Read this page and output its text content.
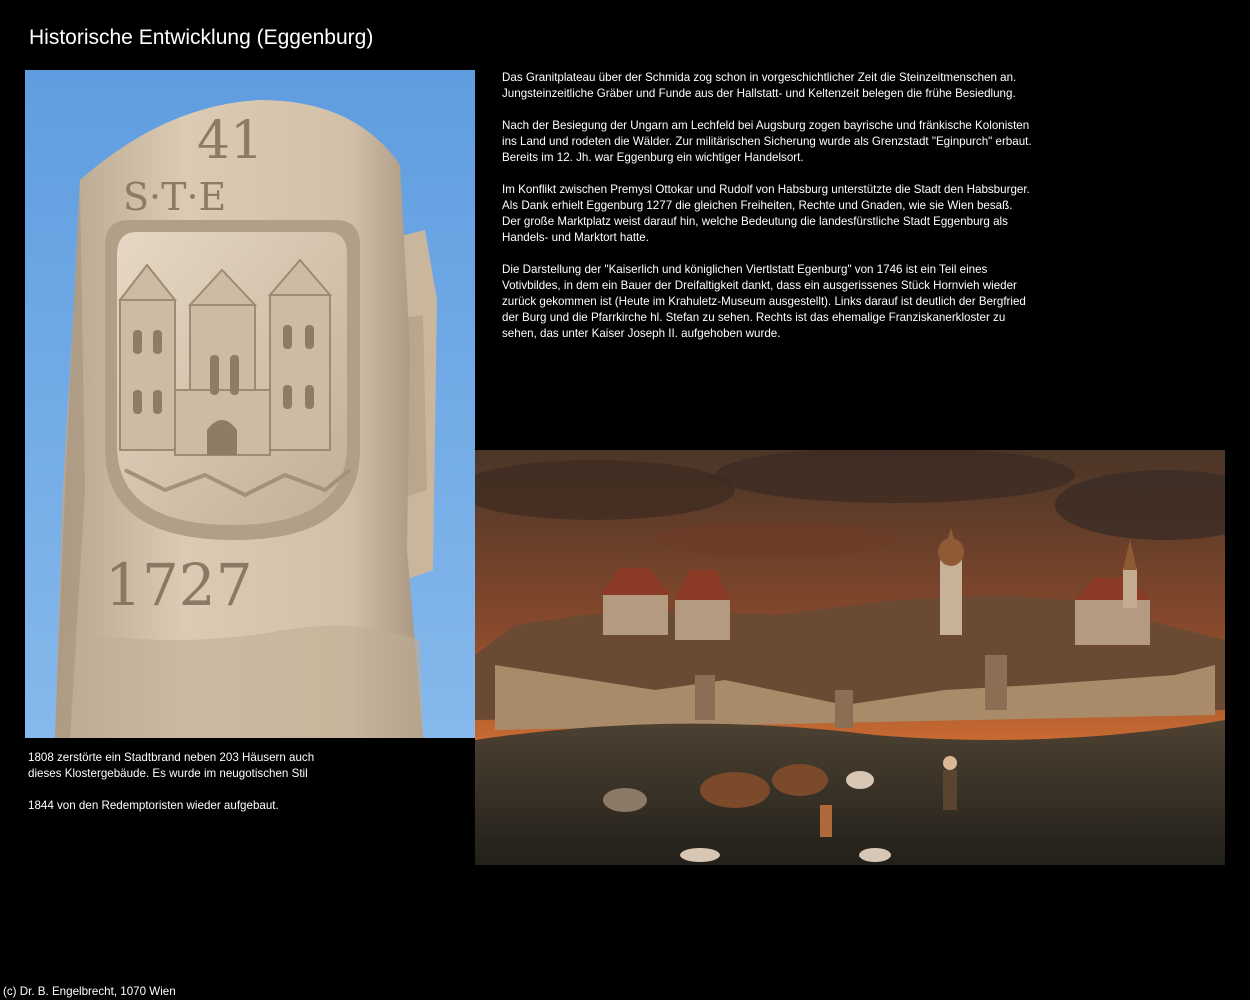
Historische Entwicklung (Eggenburg)
41
S·T·E
1727

Das Granitplateau über der Schmida zog schon in vorgeschichtlicher Zeit die Steinzeitmenschen an.
Jungsteinzeitliche Gräber und Funde aus der Hallstatt- und Keltenzeit belegen die frühe Besiedlung.

Nach der Besiegung der Ungarn am Lechfeld bei Augsburg zogen bayrische und fränkische Kolonisten
ins Land und rodeten die Wälder. Zur militärischen Sicherung wurde als Grenzstadt "Eginpurch" erbaut.
Bereits im 12. Jh. war Eggenburg ein wichtiger Handelsort.

Im Konflikt zwischen Premysl Ottokar und Rudolf von Habsburg unterstützte die Stadt den Habsburger.
Als Dank erhielt Eggenburg 1277 die gleichen Freiheiten, Rechte und Gnaden, wie sie Wien besaß.
Der große Marktplatz weist darauf hin, welche Bedeutung die landesfürstliche Stadt Eggenburg als
Handels- und Marktort hatte.

Die Darstellung der "Kaiserlich und königlichen Viertlstatt Egenburg" von 1746 ist ein Teil eines
Votivbildes, in dem ein Bauer der Dreifaltigkeit dankt, dass ein ausgerissenes Stück Hornvieh wieder
zurück gekommen ist (Heute im Krahuletz-Museum ausgestellt). Links darauf ist deutlich der Bergfried
der Burg und die Pfarrkirche hl. Stefan zu sehen. Rechts ist das ehemalige Franziskanerkloster zu
sehen, das unter Kaiser Joseph II. aufgehoben wurde.

1808 zerstörte ein Stadtbrand neben 203 Häusern auch
dieses Klostergebäude. Es wurde im neugotischen Stil

1844 von den Redemptoristen wieder aufgebaut.

(c) Dr. B. Engelbrecht, 1070 Wien
